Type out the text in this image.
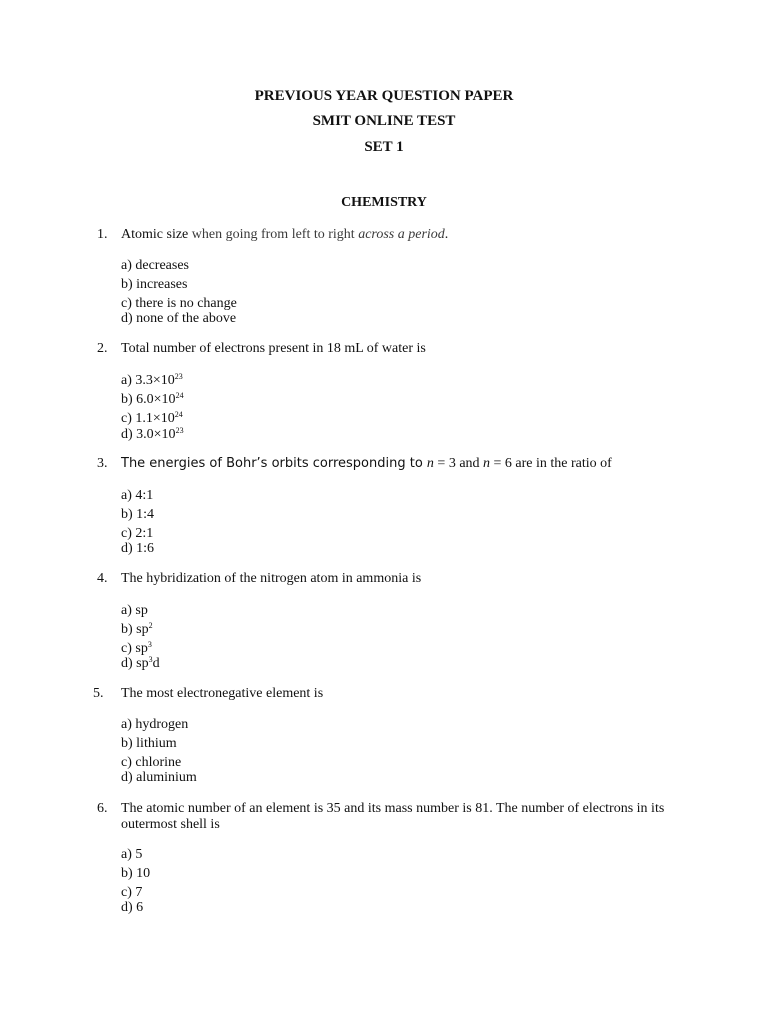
PREVIOUS YEAR QUESTION PAPER
SMIT ONLINE TEST
SET 1
CHEMISTRY
1. Atomic size when going from left to right across a period.
a) decreases
b) increases
c) there is no change
d) none of the above
2. Total number of electrons present in 18 mL of water is
a) $3.3\times 10^{23}$
b) $6.0\times 10^{24}$
c) $1.1\times 10^{24}$
d) $3.0\times 10^{23}$
3. The energies of Bohr’s orbits corresponding to n = 3 and n = 6 are in the ratio of
a) 4:1
b) 1:4
c) 2:1
d) 1:6
4. The hybridization of the nitrogen atom in ammonia is
a) sp
b) $sp^2$
c) $sp^3$
d) $sp^3d$
5. The most electronegative element is
a) hydrogen
b) lithium
c) chlorine
d) aluminium
6. The atomic number of an element is 35 and its mass number is 81. The number of electrons in its
outermost shell is
a) 5
b) 10
c) 7
d) 6
